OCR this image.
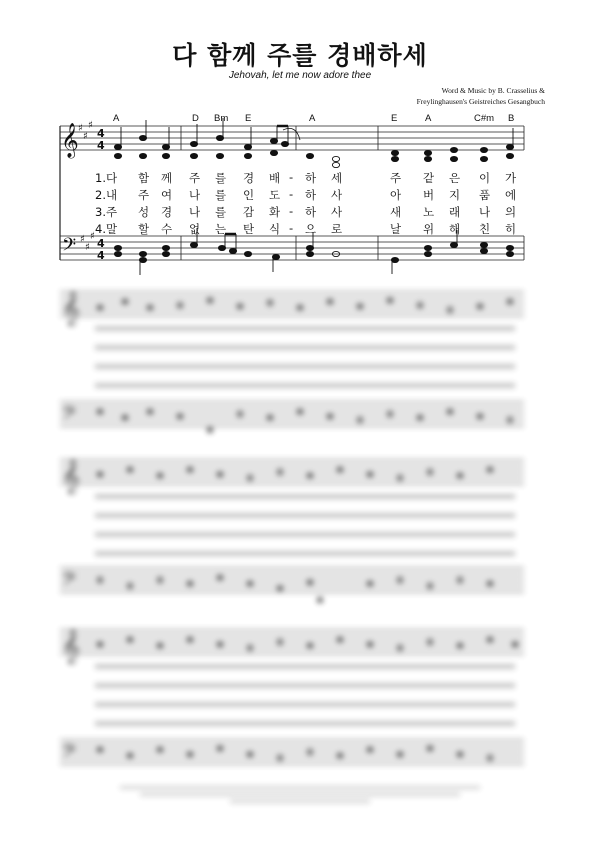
다 함께 주를 경배하세
Jehovah, let me now adore thee
Word & Music by B. Crasselius &
Freylinghausen's Geistreiches Gesangbuch
A	D Bm E	A	E	A	C#m B
𝄞
𝄢
♯
♯
♯
♯
♯
♯
4
4
4
4
1.다 함 께 주 를 경 배 - 하 세	주 같 은 이 가
2.내 주 여 나 를 인 도 - 하 사	아 버 지 품 에
3.주 성 경 나 를 감 화 - 하 사	새 노 래 나 의
4.말 할 수 없 는 탄 식 - 으 로	날 위 해 친 히
𝄞
𝄢
𝄞
𝄢
𝄞
𝄢
